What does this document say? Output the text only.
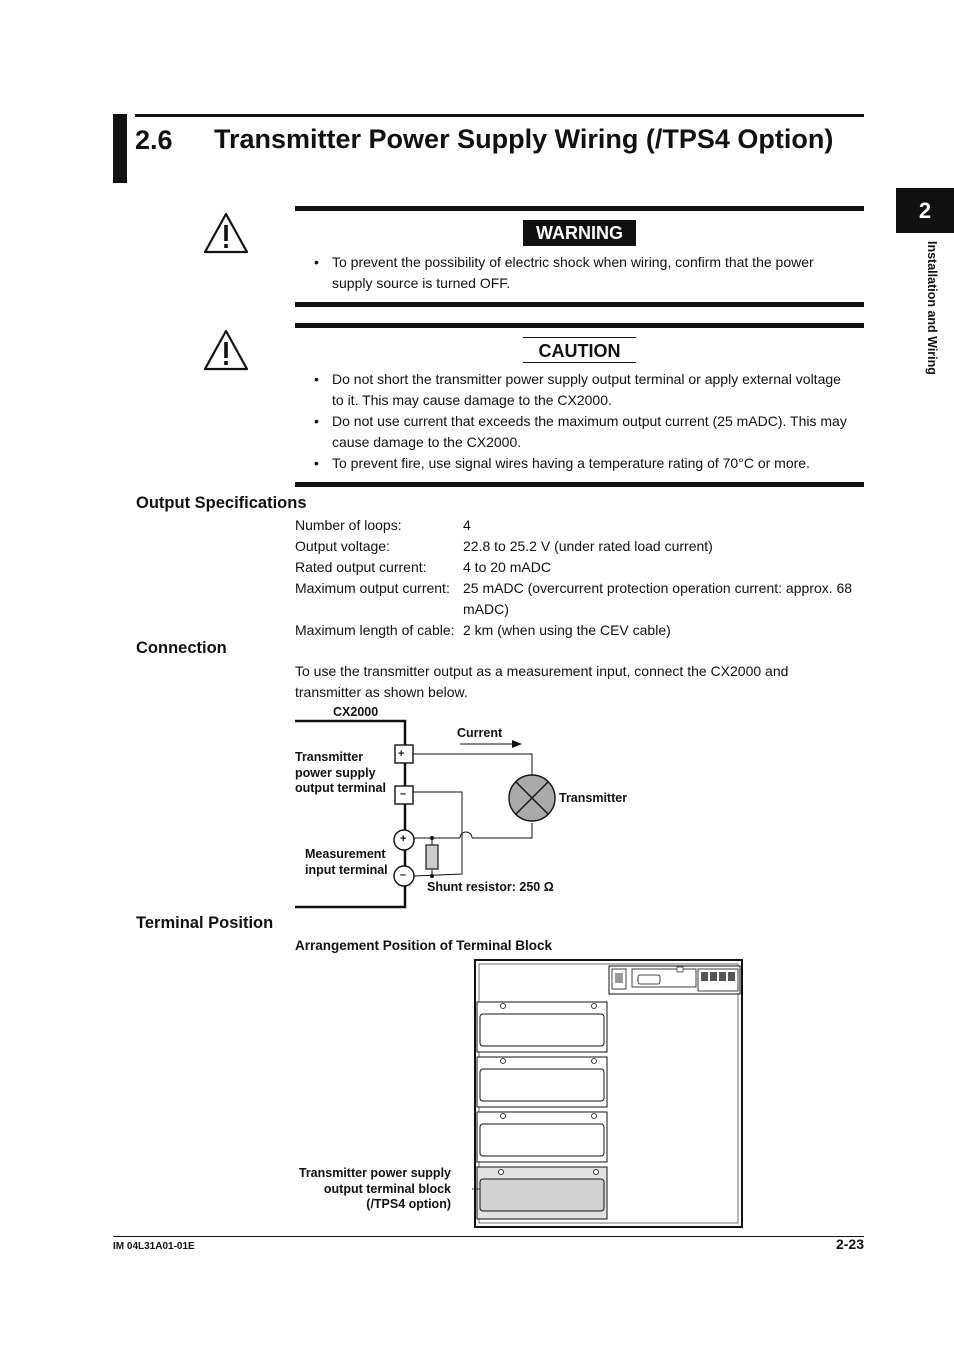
2.6 Transmitter Power Supply Wiring (/TPS4 Option)
2
Installation and Wiring
WARNING
• To prevent the possibility of electric shock when wiring, confirm that the power supply source is turned OFF.
CAUTION
• Do not short the transmitter power supply output terminal or apply external voltage to it. This may cause damage to the CX2000.
• Do not use current that exceeds the maximum output current (25 mADC). This may cause damage to the CX2000.
• To prevent fire, use signal wires having a temperature rating of 70°C or more.
Output Specifications
Number of loops:	4
Output voltage:	22.8 to 25.2 V (under rated load current)
Rated output current:	4 to 20 mADC
Maximum output current: 25 mADC (overcurrent protection operation current: approx. 68 mADC)
Maximum length of cable: 2 km (when using the CEV cable)
Connection
To use the transmitter output as a measurement input, connect the CX2000 and transmitter as shown below.
CX2000
Current
Transmitter
power supply
output terminal
+
–
+
–
Transmitter
Measurement
input terminal
Shunt resistor: 250 Ω
Terminal Position
Arrangement Position of Terminal Block
Transmitter power supply
output terminal block
(/TPS4 option)
IM 04L31A01-01E	2-23
